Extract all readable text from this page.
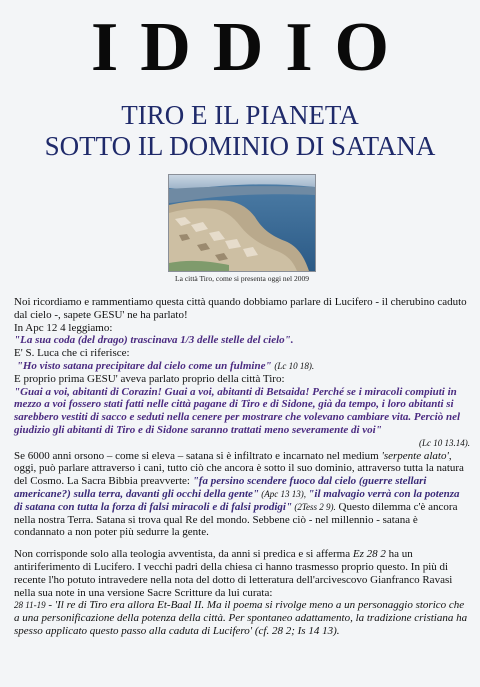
IDDIO
TIRO E IL PIANETA
SOTTO IL DOMINIO DI SATANA
La città Tiro, come si presenta oggi nel 2009

Noi ricordiamo e rammentiamo questa città quando dobbiamo parlare di Lucifero - il cherubino caduto dal cielo -, sapete GESU' ne ha parlato!

In Apc 12 4 leggiamo:

"La sua coda (del drago) trascinava 1/3 delle stelle del cielo".

E' S. Luca che ci riferisce:

"Ho visto satana precipitare dal cielo come un fulmine" (Lc 10 18).

E proprio prima GESU' aveva parlato proprio della città Tiro:

"Guai a voi, abitanti di Corazin! Guai a voi, abitanti di Betsaida! Perché se i miracoli compiuti in mezzo a voi fossero stati fatti nelle città pagane di Tiro e di Sidone, già da tempo, i loro abitanti si sarebbero vestiti di sacco e seduti nella cenere per mostrare che volevano cambiare vita. Perciò nel giudizio gli abitanti di Tiro e di Sidone saranno trattati meno severamente di voi"

(Lc 10 13.14).

Se 6000 anni orsono – come si eleva – satana si è infiltrato e incarnato nel medium 'serpente alato', oggi, può parlare attraverso i cani, tutto ciò che ancora è sotto il suo dominio, attraverso tutta la natura del Cosmo. La Sacra Bibbia preavverte: "fa persino scendere fuoco dal cielo (guerre stellari americane?) sulla terra, davanti gli occhi della gente" (Apc 13 13), "il malvagio verrà con la potenza di satana con tutta la forza di falsi miracoli e di falsi prodigi" (2Tess 2 9). Questo dilemma c'è ancora nella nostra Terra. Satana si trova qual Re del mondo. Sebbene ciò - nel millennio - satana è condannato a non poter più sedurre la gente.

Non corrisponde solo alla teologia avventista, da anni si predica e si afferma Ez 28 2 ha un antiriferimento di Lucifero. I vecchi padri della chiesa ci hanno trasmesso proprio questo. In più di recente l'ho potuto intravedere nella nota del dotto di letteratura dell'arcivescovo Gianfranco Ravasi nella sua note in una versione Sacre Scritture da lui curata:

28 11-19 - 'Il re di Tiro era allora Et-Baal II. Ma il poema si rivolge meno a un personaggio storico che a una personificazione della potenza della città. Per spontaneo adattamento, la tradizione cristiana ha spesso applicato questo passo alla caduta di Lucifero' (cf. 28 2; Is 14 13).
